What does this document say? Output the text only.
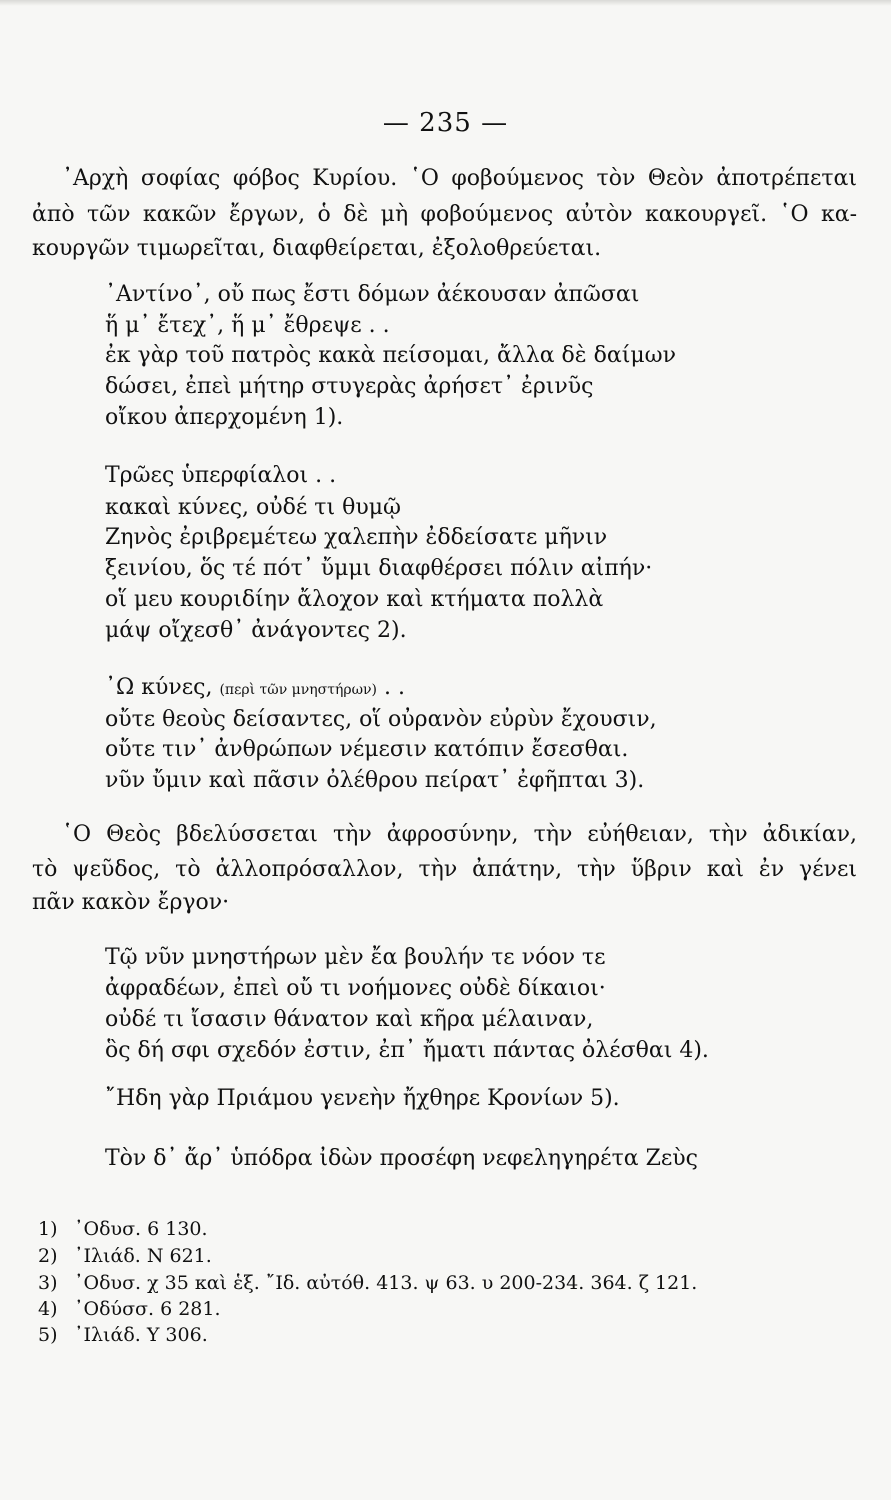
— 235 —
᾿Αρχὴ σοφίας φόβος Κυρίου. ῾Ο φοβούμενος τὸν Θεὸν ἀποτρέπεται
ἀπὸ τῶν κακῶν ἔργων, ὁ δὲ μὴ φοβούμενος αὐτὸν κακουργεῖ. ῾Ο κα-
κουργῶν τιμωρεῖται, διαφθείρεται, ἐξολοθρεύεται.
᾿Αντίνο᾿, οὔ πως ἔστι δόμων ἀέκουσαν ἀπῶσαι
ἥ μ᾿ ἔτεχ᾿, ἥ μ᾿ ἔθρεψε . .
ἐκ γὰρ τοῦ πατρὸς κακὰ πείσομαι, ἄλλα δὲ δαίμων
δώσει, ἐπεὶ μήτηρ στυγερὰς ἀρήσετ᾿ ἐρινῦς
οἴκου ἀπερχομένη 1).
Τρῶες ὑπερφίαλοι . .
κακαὶ κύνες, οὐδέ τι θυμῷ
Ζηνὸς ἐριβρεμέτεω χαλεπὴν ἐδδείσατε μῆνιν
ξεινίου, ὅς τέ πότ᾿ ὔμμι διαφθέρσει πόλιν αἰπήν·
οἵ μευ κουριδίην ἄλοχον καὶ κτήματα πολλὰ
μάψ οἴχεσθ᾿ ἀνάγοντες 2).
᾿Ω κύνες, (περὶ τῶν μνηστήρων) . .
οὔτε θεοὺς δείσαντες, οἵ οὐρανὸν εὐρὺν ἔχουσιν,
οὔτε τιν᾿ ἀνθρώπων νέμεσιν κατόπιν ἔσεσθαι.
νῦν ὔμιν καὶ πᾶσιν ὀλέθρου πείρατ᾿ ἐφῆπται 3).
῾Ο Θεὸς βδελύσσεται τὴν ἀφροσύνην, τὴν εὐήθειαν, τὴν ἀδικίαν,
τὸ ψεῦδος, τὸ ἀλλοπρόσαλλον, τὴν ἀπάτην, τὴν ὕβριν καὶ ἐν γένει
πᾶν κακὸν ἔργον·
Τῷ νῦν μνηστήρων μὲν ἔα βουλήν τε νόον τε
ἀφραδέων, ἐπεὶ οὔ τι νοήμονες οὐδὲ δίκαιοι·
οὐδέ τι ἴσασιν θάνατον καὶ κῆρα μέλαιναν,
ὃς δή σφι σχεδόν ἐστιν, ἐπ᾿ ἤματι πάντας ὀλέσθαι 4).
῎Ηδη γὰρ Πριάμου γενεὴν ἤχθηρε Κρονίων 5).
Τὸν δ᾿ ἄρ᾿ ὑπόδρα ἰδὼν προσέφη νεφεληγηρέτα Ζεὺς
1) ᾿Οδυσ. 6 130.
2) ᾿Ιλιάδ. Ν 621.
3) ᾿Οδυσ. χ 35 καὶ ἑξ. ῎Ιδ. αὐτόθ. 413. ψ 63. υ 200-234. 364. ζ 121.
4) ᾿Οδύσσ. 6 281.
5) ᾿Ιλιάδ. Υ 306.
